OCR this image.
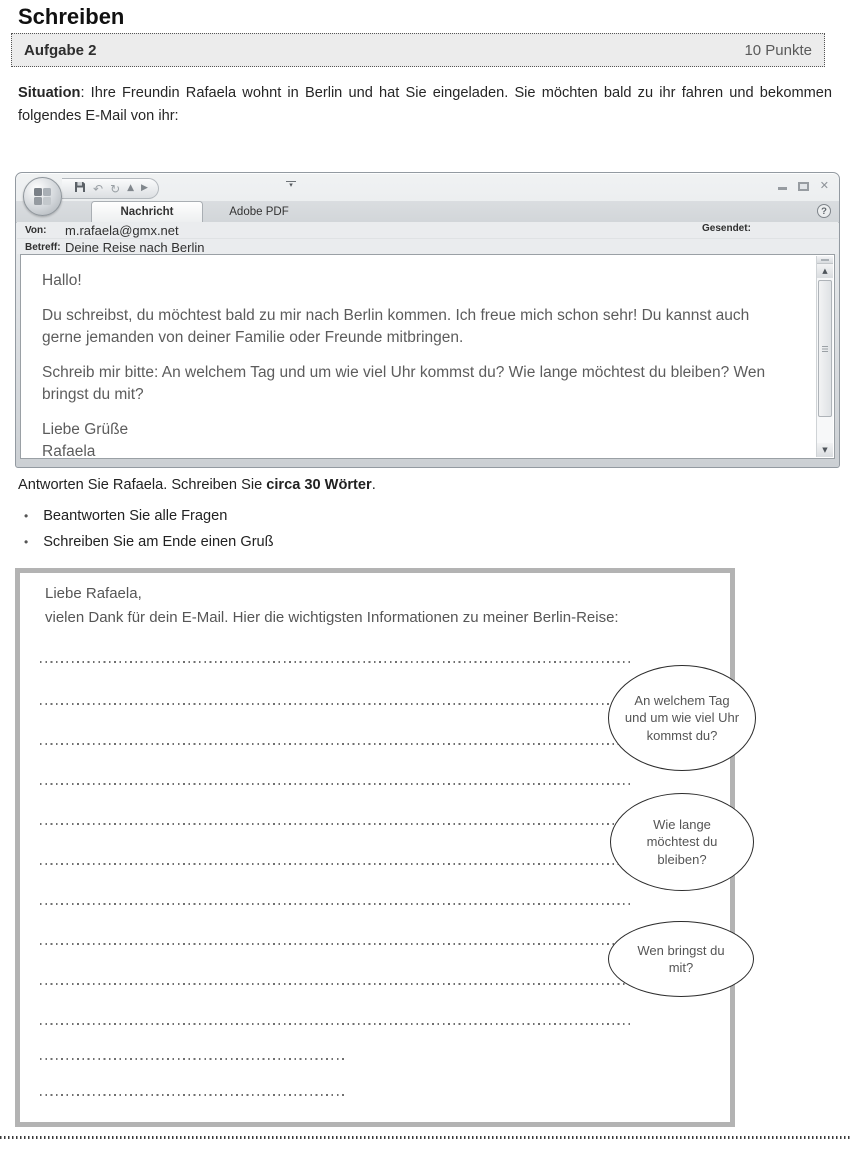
Schreiben
Aufgabe 2	10 Punkte

Situation: Ihre Freundin Rafaela wohnt in Berlin und hat Sie eingeladen. Sie möchten bald zu ihr fahren und bekommen folgendes E-Mail von ihr:

↶ ↻ ▲ ▶	▾	✕
Nachricht	Adobe PDF	?
Von:	m.rafaela@gmx.net	Gesendet:
Betreff: Deine Reise nach Berlin

Hallo!

Du schreibst, du möchtest bald zu mir nach Berlin kommen. Ich freue mich schon sehr! Du kannst auch gerne jemanden von deiner Familie oder Freunde mitbringen.

Schreib mir bitte: An welchem Tag und um wie viel Uhr kommst du? Wie lange möchtest du bleiben? Wen bringst du mit?

Liebe Grüße
Rafaela

▲
▼

Antworten Sie Rafaela. Schreiben Sie circa 30 Wörter.

• Beantworten Sie alle Fragen
• Schreiben Sie am Ende einen Gruß

Liebe Rafaela,

vielen Dank für dein E-Mail. Hier die wichtigsten Informationen zu meiner Berlin-Reise:

An welchem Tag und um wie viel Uhr kommst du?
Wie lange möchtest du bleiben?
Wen bringst du mit?
